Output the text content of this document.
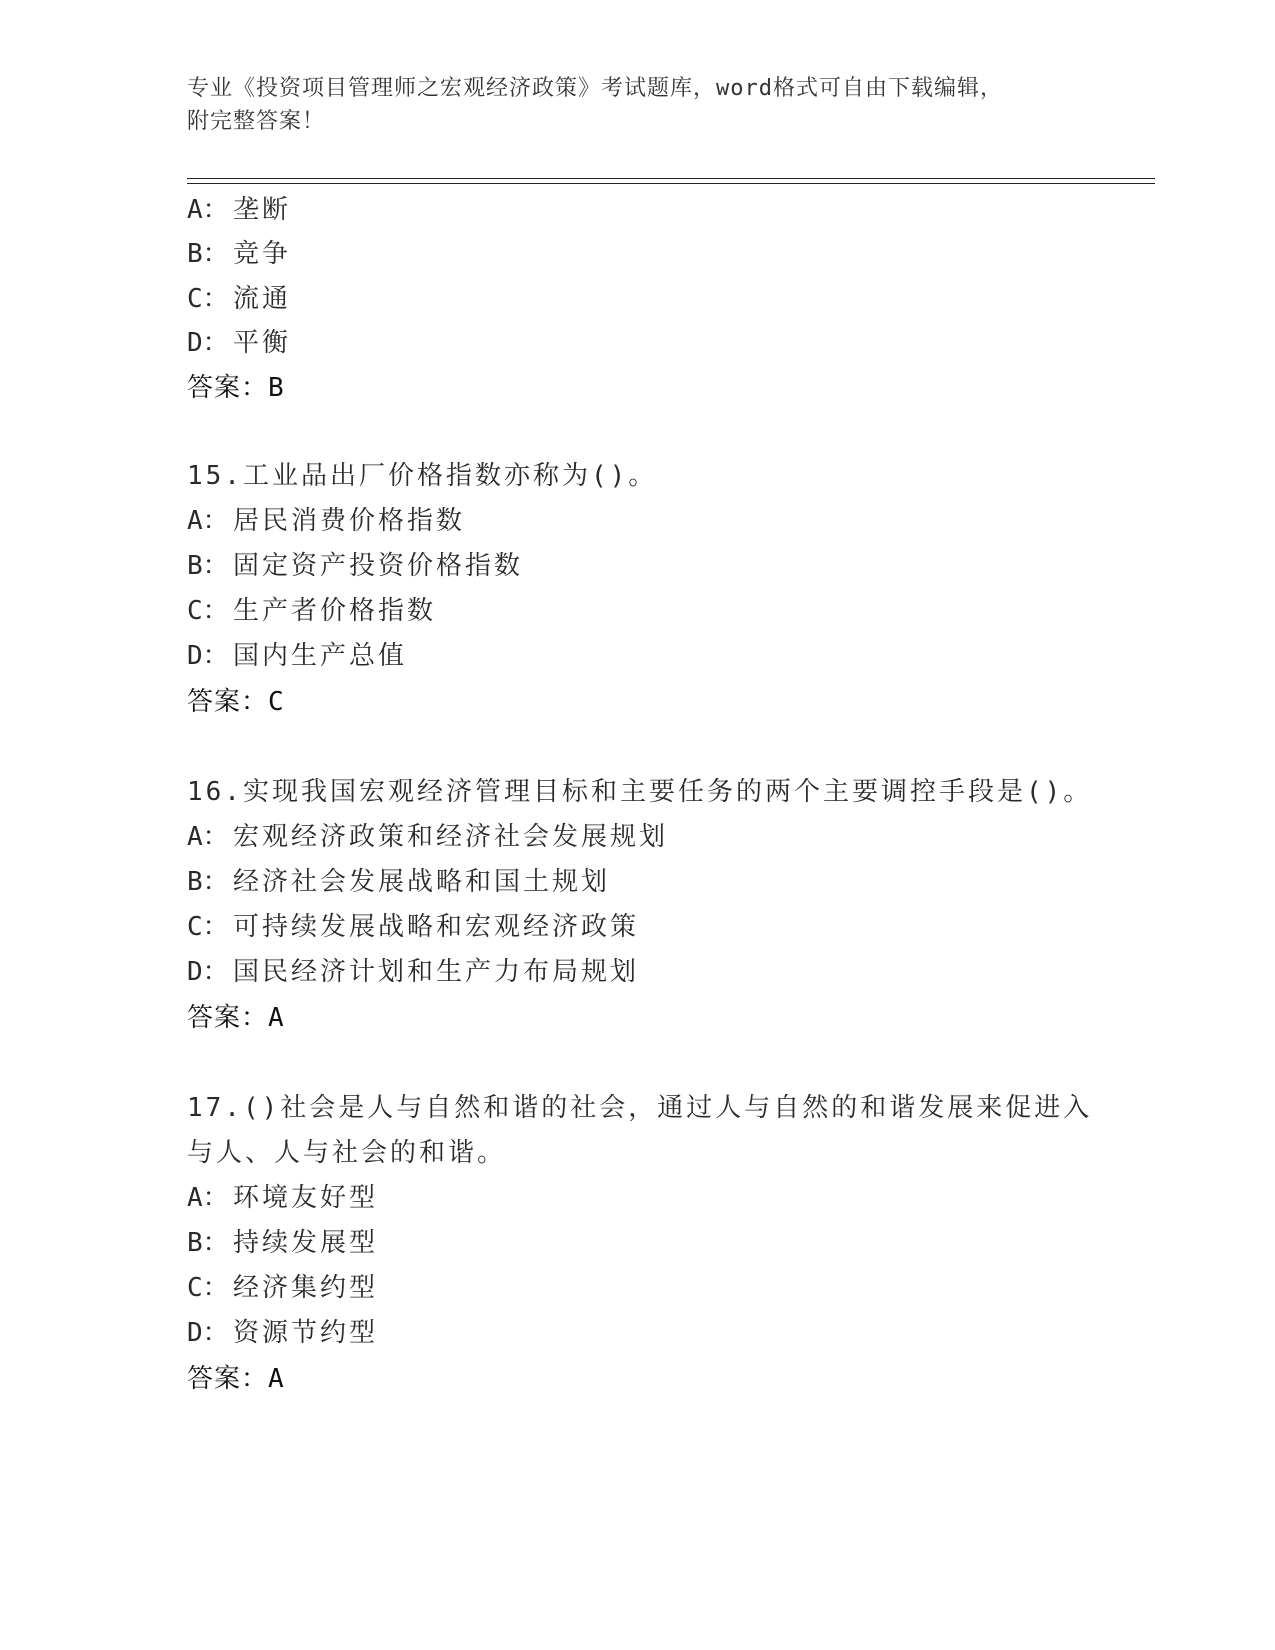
专业《投资项目管理师之宏观经济政策》考试题库，word格式可自由下载编辑，
附完整答案！
A： 垄断
B： 竞争
C： 流通
D： 平衡
答案：B
15.工业品出厂价格指数亦称为()。
A： 居民消费价格指数
B： 固定资产投资价格指数
C： 生产者价格指数
D： 国内生产总值
答案：C
16.实现我国宏观经济管理目标和主要任务的两个主要调控手段是()。
A： 宏观经济政策和经济社会发展规划
B： 经济社会发展战略和国土规划
C： 可持续发展战略和宏观经济政策
D： 国民经济计划和生产力布局规划
答案：A
17.()社会是人与自然和谐的社会，通过人与自然的和谐发展来促进入
与人、人与社会的和谐。
A： 环境友好型
B： 持续发展型
C： 经济集约型
D： 资源节约型
答案：A
